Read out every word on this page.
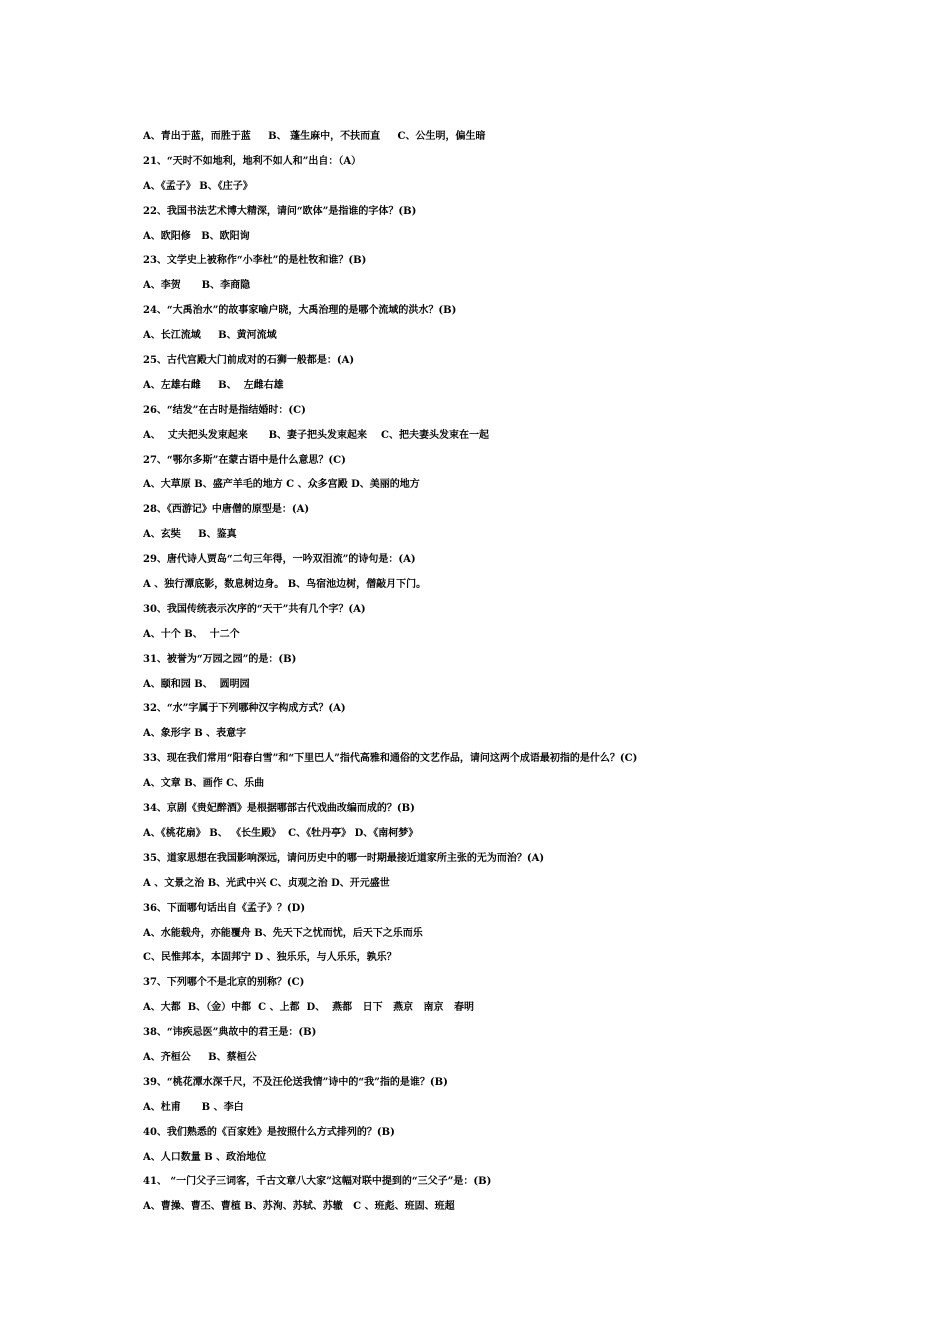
A、青出于蓝，而胜于蓝     B、 蓬生麻中，不扶而直     C、公生明，偏生暗
21、“天时不如地利，地利不如人和”出自：（A）
A、《孟子》 B、《庄子》
22、我国书法艺术博大精深，请问“欧体”是指谁的字体？(B)
A、欧阳修   B、欧阳询
23、文学史上被称作“小李杜”的是杜牧和谁？(B)
A、李贺      B、李商隐
24、“大禹治水”的故事家喻户晓，大禹治理的是哪个流域的洪水？(B)
A、长江流域     B、黄河流域
25、古代宫殿大门前成对的石狮一般都是：(A)
A、左雄右雌     B、  左雌右雄
26、“结发”在古时是指结婚时：(C)
A、  丈夫把头发束起来      B、妻子把头发束起来    C、把夫妻头发束在一起
27、“鄂尔多斯”在蒙古语中是什么意思？(C)
A、大草原 B、盛产羊毛的地方 C 、众多宫殿 D、美丽的地方
28、《西游记》中唐僧的原型是：(A)
A、玄奘     B、鉴真
29、唐代诗人贾岛“二句三年得，一吟双泪流”的诗句是：(A)
A 、独行潭底影，数息树边身。 B、鸟宿池边树，僧敲月下门。
30、我国传统表示次序的“天干”共有几个字？(A)
A、十个 B、  十二个
31、被誉为“万园之园”的是：(B)
A、颐和园 B、  圆明园
32、“水”字属于下列哪种汉字构成方式？(A)
A、象形字 B 、表意字
33、现在我们常用“阳春白雪”和“下里巴人”指代高雅和通俗的文艺作品，请问这两个成语最初指的是什么？(C)
A、文章 B、画作 C、乐曲
34、京剧《贵妃醉酒》是根据哪部古代戏曲改编而成的？(B)
A、《桃花扇》 B、 《长生殿》  C、《牡丹亭》 D、《南柯梦》
35、道家思想在我国影响深远，请问历史中的哪一时期最接近道家所主张的无为而治？(A)
A 、文景之治 B、光武中兴 C、贞观之治 D、开元盛世
36、下面哪句话出自《孟子》？(D)
A、水能载舟，亦能覆舟 B、先天下之忧而忧，后天下之乐而乐
C、民惟邦本，本固邦宁 D 、独乐乐，与人乐乐，孰乐？
37、下列哪个不是北京的别称？(C)
A、大都  B、（金）中都  C 、上都  D、  燕都   日下   燕京   南京   春明
38、“讳疾忌医”典故中的君王是：(B)
A、齐桓公     B、蔡桓公
39、“桃花潭水深千尺，不及汪伦送我情”诗中的“我”指的是谁？(B)
A、杜甫      B 、李白
40、我们熟悉的《百家姓》是按照什么方式排列的？(B)
A、人口数量 B 、政治地位
41、 “一门父子三词客，千古文章八大家”这幅对联中提到的“三父子”是：(B)
A、曹操、曹丕、曹植 B、苏洵、苏轼、苏辙   C 、班彪、班固、班超
